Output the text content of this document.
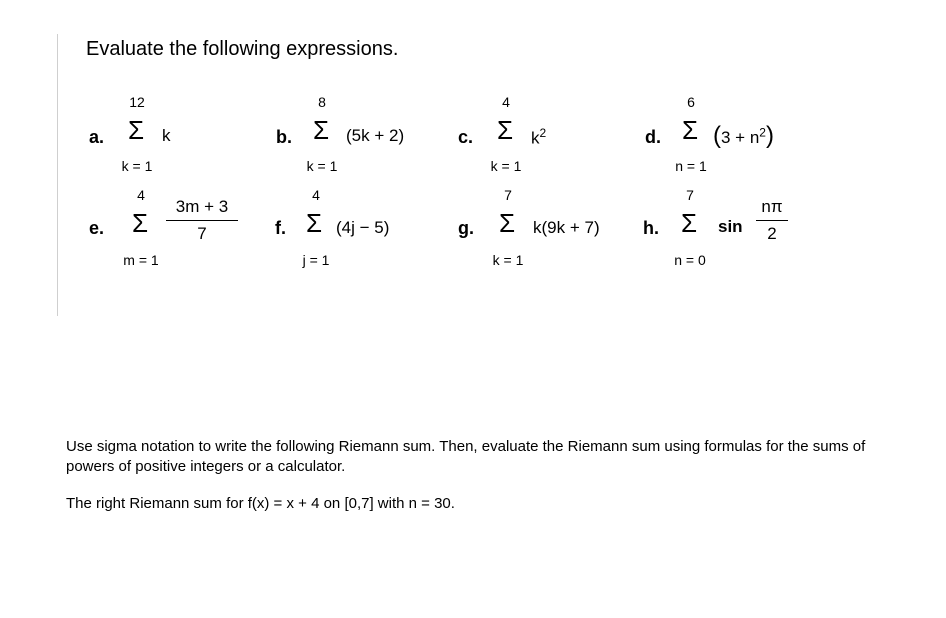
Evaluate the following expressions.
a.
12
Σ k
k = 1
b.
8
Σ (5k + 2)
k = 1
c.
4
Σ $k^2$
k = 1
d.
6
Σ $(3 + n^2)$
n = 1
e.
4
Σ
3m + 3
7
m = 1
f.
4
Σ (4j − 5)
j = 1
g.
7
Σ k(9k + 7)
k = 1
h.
7
Σ sin
nπ
2
n = 0
Use sigma notation to write the following Riemann sum. Then, evaluate the Riemann sum using formulas for the sums of powers of positive integers or a calculator.
The right Riemann sum for f(x) = x + 4 on [0,7] with n = 30.
